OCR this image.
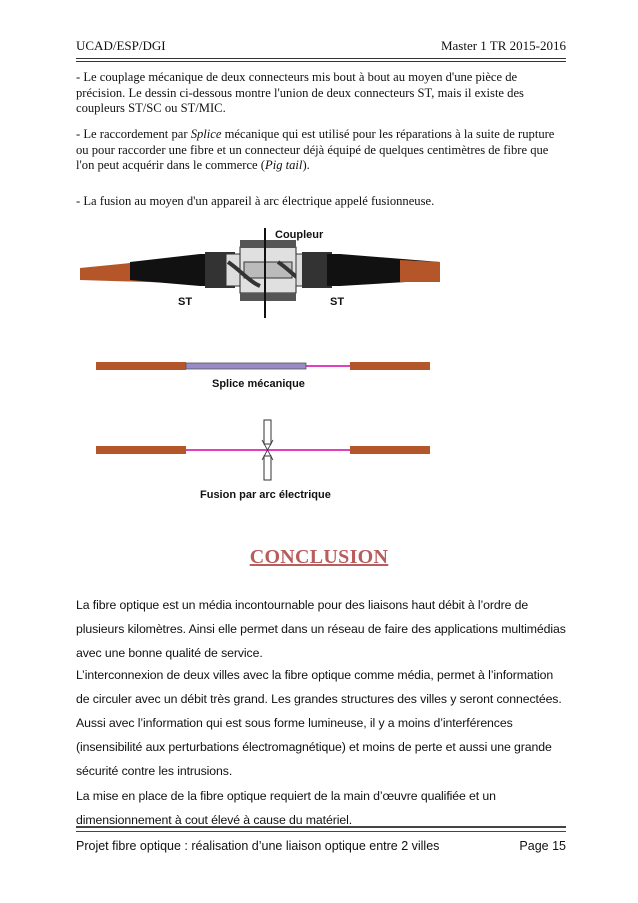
UCAD/ESP/DGI	Master 1 TR 2015-2016
- Le couplage mécanique de deux connecteurs mis bout à bout au moyen d'une pièce de précision. Le dessin ci-dessous montre l'union de deux connecteurs ST, mais il existe des coupleurs ST/SC ou ST/MIC.
- Le raccordement par Splice mécanique qui est utilisé pour les réparations à la suite de rupture ou pour raccorder une fibre et un connecteur déjà équipé de quelques centimètres de fibre que l'on peut acquérir dans le commerce (Pig tail).
- La fusion au moyen d'un appareil à arc électrique appelé fusionneuse.
Coupleur
ST	ST
Splice mécanique
Fusion par arc électrique
CONCLUSION
La fibre optique est un média incontournable pour des liaisons haut débit à l’ordre de plusieurs kilomètres. Ainsi elle permet dans un réseau de faire des applications multimédias avec une bonne qualité de service.
L’interconnexion de deux villes avec la fibre optique comme média, permet à l’information de circuler avec un débit très grand. Les grandes structures des villes y seront connectées. Aussi avec l’information qui est sous forme lumineuse, il y a moins d’interférences (insensibilité aux perturbations électromagnétique) et moins de perte et aussi une grande sécurité contre les intrusions.
La mise en place de la fibre optique requiert de la main d’œuvre qualifiée et un dimensionnement à cout élevé à cause du matériel.
Projet fibre optique : réalisation d’une liaison optique entre 2 villes	Page 15
